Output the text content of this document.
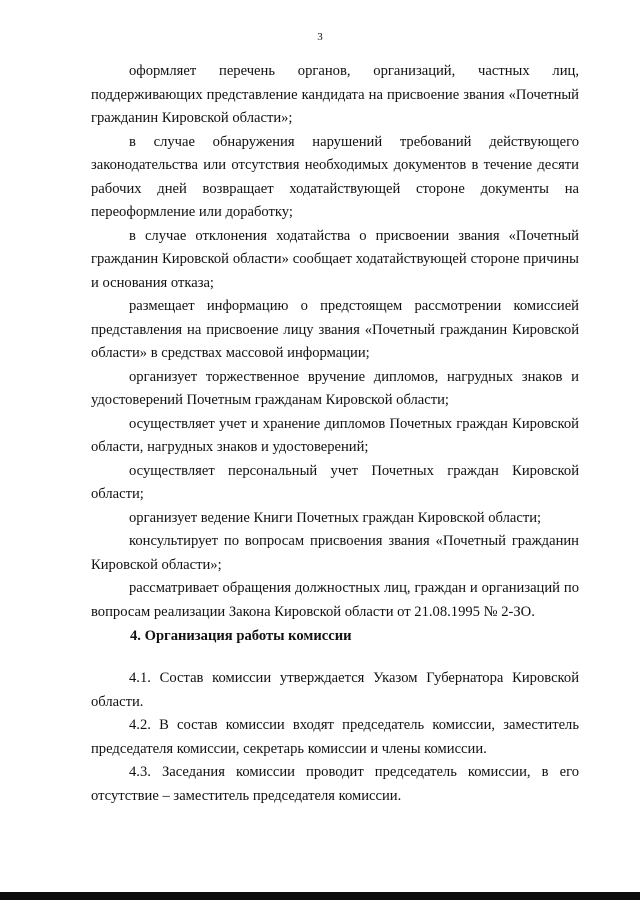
3

оформляет перечень органов, организаций, частных лиц, поддерживающих представление кандидата на присвоение звания «Почетный гражданин Кировской области»;

в случае обнаружения нарушений требований действующего законодательства или отсутствия необходимых документов в течение десяти рабочих дней возвращает ходатайствующей стороне документы на переоформление или доработку;

в случае отклонения ходатайства о присвоении звания «Почетный гражданин Кировской области» сообщает ходатайствующей стороне причины и основания отказа;

размещает информацию о предстоящем рассмотрении комиссией представления на присвоение лицу звания «Почетный гражданин Кировской области» в средствах массовой информации;

организует торжественное вручение дипломов, нагрудных знаков и удостоверений Почетным гражданам Кировской области;

осуществляет учет и хранение дипломов Почетных граждан Кировской области, нагрудных знаков и удостоверений;

осуществляет персональный учет Почетных граждан Кировской области;

организует ведение Книги Почетных граждан Кировской области;

консультирует по вопросам присвоения звания «Почетный гражданин Кировской области»;

рассматривает обращения должностных лиц, граждан и организаций по вопросам реализации Закона Кировской области от 21.08.1995 № 2-ЗО.

4. Организация работы комиссии

4.1. Состав комиссии утверждается Указом Губернатора Кировской области.

4.2. В состав комиссии входят председатель комиссии, заместитель председателя комиссии, секретарь комиссии и члены комиссии.

4.3. Заседания комиссии проводит председатель комиссии, в его отсутствие – заместитель председателя комиссии.
